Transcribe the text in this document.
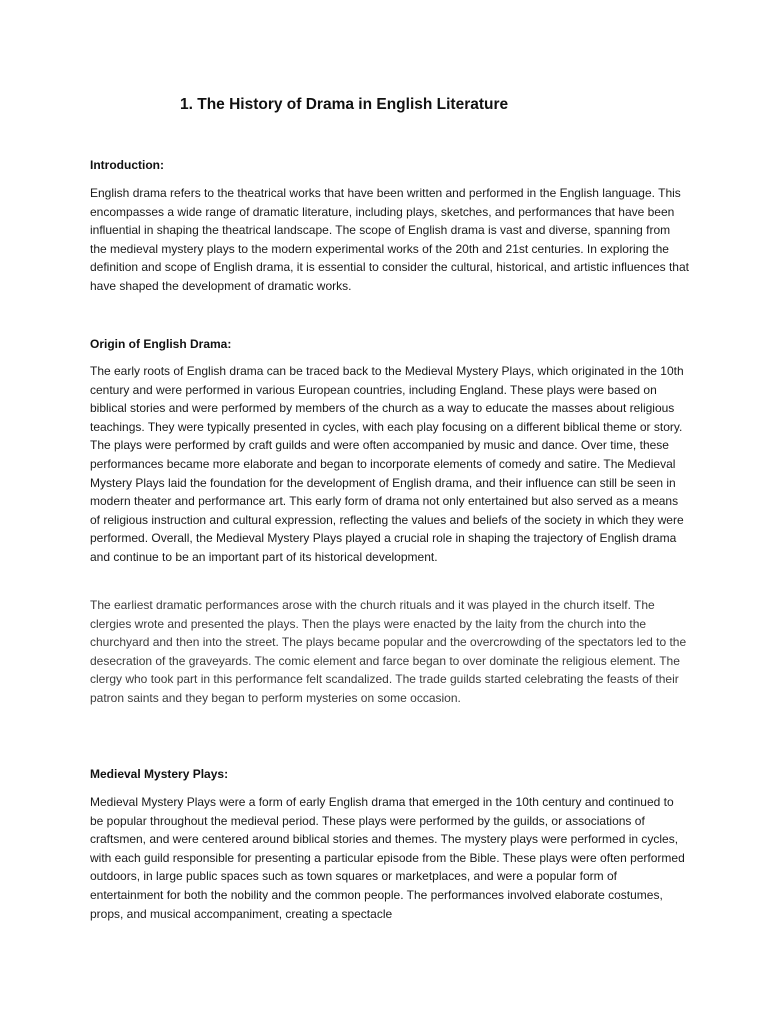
1. The History of Drama in English Literature
Introduction:

English drama refers to the theatrical works that have been written and performed in the English language. This encompasses a wide range of dramatic literature, including plays, sketches, and performances that have been influential in shaping the theatrical landscape. The scope of English drama is vast and diverse, spanning from the medieval mystery plays to the modern experimental works of the 20th and 21st centuries. In exploring the definition and scope of English drama, it is essential to consider the cultural, historical, and artistic influences that have shaped the development of dramatic works.

Origin of English Drama:

The early roots of English drama can be traced back to the Medieval Mystery Plays, which originated in the 10th century and were performed in various European countries, including England. These plays were based on biblical stories and were performed by members of the church as a way to educate the masses about religious teachings. They were typically presented in cycles, with each play focusing on a different biblical theme or story. The plays were performed by craft guilds and were often accompanied by music and dance. Over time, these performances became more elaborate and began to incorporate elements of comedy and satire. The Medieval Mystery Plays laid the foundation for the development of English drama, and their influence can still be seen in modern theater and performance art. This early form of drama not only entertained but also served as a means of religious instruction and cultural expression, reflecting the values and beliefs of the society in which they were performed. Overall, the Medieval Mystery Plays played a crucial role in shaping the trajectory of English drama and continue to be an important part of its historical development.

The earliest dramatic performances arose with the church rituals and it was played in the church itself. The clergies wrote and presented the plays. Then the plays were enacted by the laity from the church into the churchyard and then into the street. The plays became popular and the overcrowding of the spectators led to the desecration of the graveyards. The comic element and farce began to over dominate the religious element. The clergy who took part in this performance felt scandalized. The trade guilds started celebrating the feasts of their patron saints and they began to perform mysteries on some occasion.

Medieval Mystery Plays:

Medieval Mystery Plays were a form of early English drama that emerged in the 10th century and continued to be popular throughout the medieval period. These plays were performed by the guilds, or associations of craftsmen, and were centered around biblical stories and themes. The mystery plays were performed in cycles, with each guild responsible for presenting a particular episode from the Bible. These plays were often performed outdoors, in large public spaces such as town squares or marketplaces, and were a popular form of entertainment for both the nobility and the common people. The performances involved elaborate costumes, props, and musical accompaniment, creating a spectacle
